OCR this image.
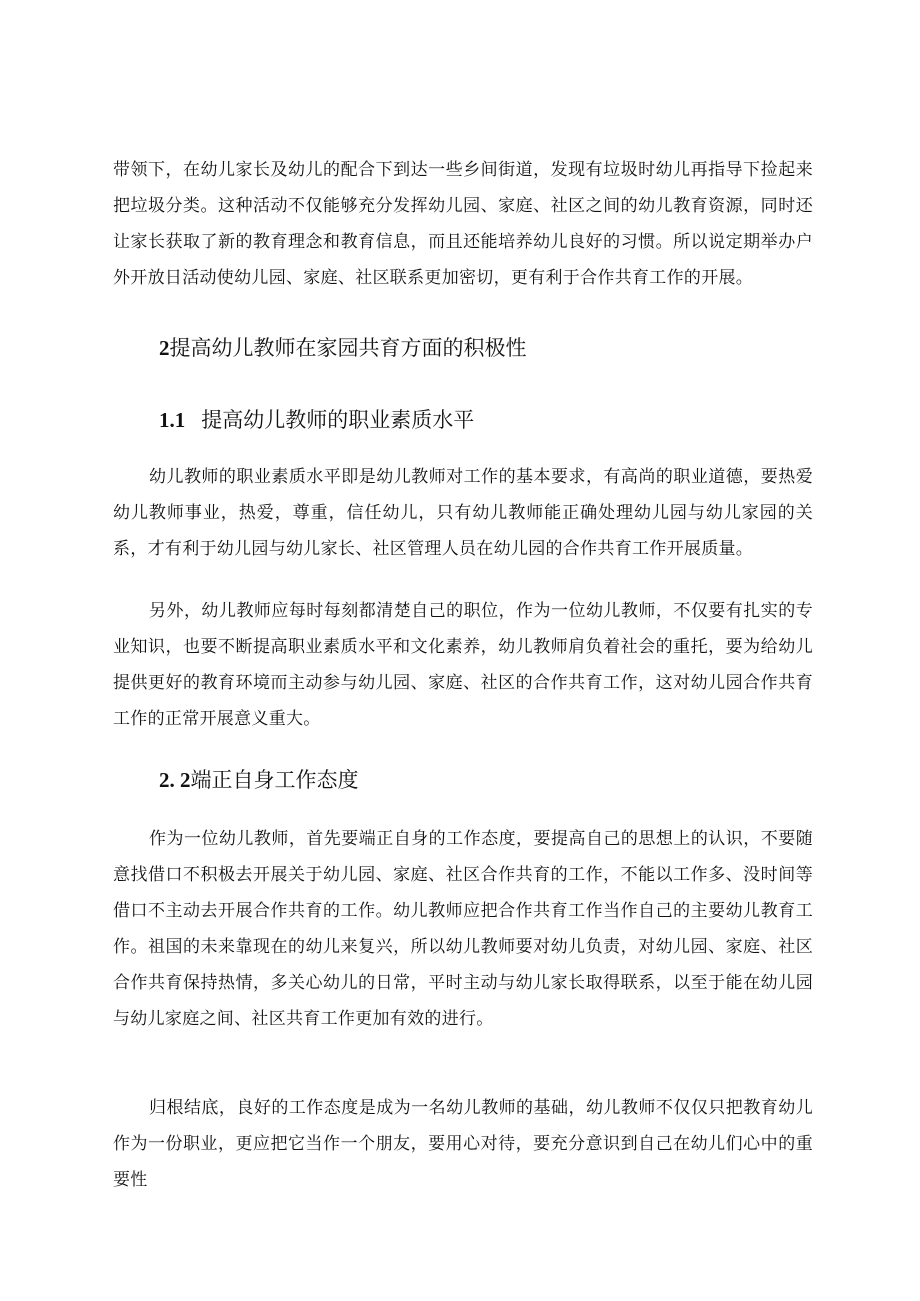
带领下，在幼儿家长及幼儿的配合下到达一些乡间街道，发现有垃圾时幼儿再指导下捡起来把垃圾分类。这种活动不仅能够充分发挥幼儿园、家庭、社区之间的幼儿教育资源，同时还让家长获取了新的教育理念和教育信息，而且还能培养幼儿良好的习惯。所以说定期举办户外开放日活动使幼儿园、家庭、社区联系更加密切，更有利于合作共育工作的开展。

2提高幼儿教师在家园共育方面的积极性
1.1 提高幼儿教师的职业素质水平

幼儿教师的职业素质水平即是幼儿教师对工作的基本要求，有高尚的职业道德，要热爱幼儿教师事业，热爱，尊重，信任幼儿，只有幼儿教师能正确处理幼儿园与幼儿家园的关系，才有利于幼儿园与幼儿家长、社区管理人员在幼儿园的合作共育工作开展质量。

另外，幼儿教师应每时每刻都清楚自己的职位，作为一位幼儿教师，不仅要有扎实的专业知识，也要不断提高职业素质水平和文化素养，幼儿教师肩负着社会的重托，要为给幼儿提供更好的教育环境而主动参与幼儿园、家庭、社区的合作共育工作，这对幼儿园合作共育工作的正常开展意义重大。

2. 2端正自身工作态度

作为一位幼儿教师，首先要端正自身的工作态度，要提高自己的思想上的认识，不要随意找借口不积极去开展关于幼儿园、家庭、社区合作共育的工作，不能以工作多、没时间等借口不主动去开展合作共育的工作。幼儿教师应把合作共育工作当作自己的主要幼儿教育工作。祖国的未来靠现在的幼儿来复兴，所以幼儿教师要对幼儿负责，对幼儿园、家庭、社区合作共育保持热情，多关心幼儿的日常，平时主动与幼儿家长取得联系，以至于能在幼儿园与幼儿家庭之间、社区共育工作更加有效的进行。

归根结底，良好的工作态度是成为一名幼儿教师的基础，幼儿教师不仅仅只把教育幼儿作为一份职业，更应把它当作一个朋友，要用心对待，要充分意识到自己在幼儿们心中的重要性
